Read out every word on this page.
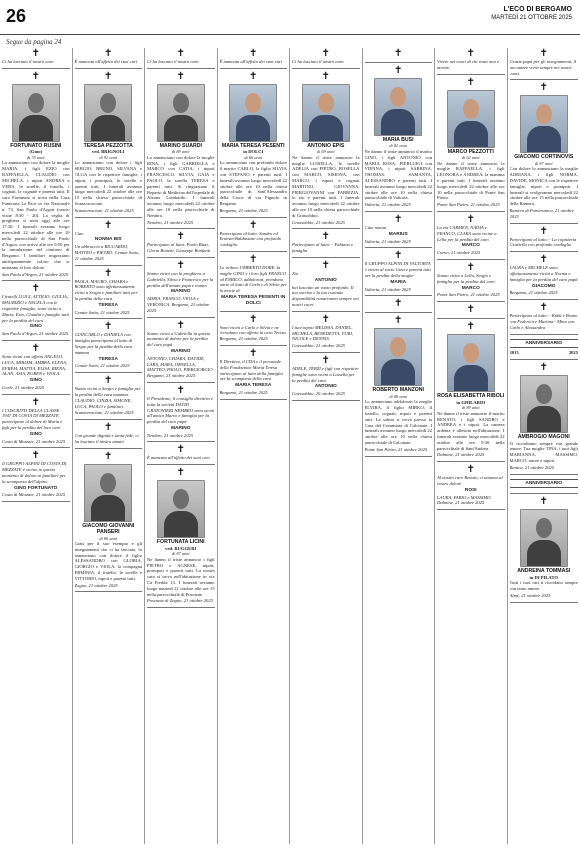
26	L'ECO DI BERGAMO
MARTEDÌ 21 OTTOBRE 2025
Segue da pagina 24
✝
Ci ha lasciato il nostro caro
✝
FORTUNATO RUSINI
(Gino)
di 78 anni
Lo annunciano con dolore la moglie MARIA, i figli EZIO con RAFFAELLA, CLAUDIO con MICHELA, i nipoti ANDREA e VERA, le sorelle, il fratello, i cognati, le cognate e parenti tutti. Il caro Fortunato si trova nella Casa Funeraria La Pace in via Nazionale n. 73, San Paolo d'Argon (orario visite 8:30 - 20). La veglia di preghiera si terrà oggi alle ore 17:30. I funerali avranno luogo mercoledì 22 ottobre alle ore 10 nella parrocchiale di San Paolo d'Argon, con arrivo alle ore 9:50 per la tumulazione nel cimitero di Bergamo. I familiari ringraziano anticipatamente coloro che si uniranno al loro dolore.
San Paolo d'Argon, 21 ottobre 2025
✝
I fratelli LUIGI, ATTILIO, GIULIA, MAURIZIO e ANGELA con le rispettive famiglie, sono vicini a Maria, Ezio, Claudio e famiglie tutti per la perdita del caro
GINO
San Paolo d'Argon, 21 ottobre 2025
✝
Sono vicini con affetto ANGELO, LUCA, MIRIAM, AMBRA, ELENA, EFREM, MATTIA, ELISA, RIENA, ALAN, ASIA, RUBEN e VIOLA.
GINO
Gorle, 21 ottobre 2025
✝
I COSCRITTI DELLA CLASSE 1947 DI COSTA DI MEZZATE partecipano al dolore di Maria e figli per la perdita del loro caro
GINO
Costa di Mezzate, 21 ottobre 2025
✝
Il GRUPPO ALPINI DI COSTA DI MEZZATE è vicino in questo momento di dolore ai familiari per la scomparsa dell'alpino
GINO FORTUNATO
Costa di Mezzate, 21 ottobre 2025
✝
È mancata all'affetto dei suoi cari
✝
TERESA PEZZOTTA
ved. BRIGNOLI
di 92 anni
Lo annunciano con dolore i figli SERGIO, BRUNO, SILVANA e OLGA con le rispettive famiglie, i nipoti, i pronipoti, le sorelle e parenti tutti. I funerali avranno luogo mercoledì 22 ottobre alle ore 15 nella chiesa parrocchiale di Scanzorosciate.
Scanzorosciate, 21 ottobre 2025
✝
Ciao
NONNA BIS
Un abbraccio a RICCARDO, MATTEO e PIETRO. Cenate Sotto, 21 ottobre 2025
✝
PAOLA, MAURO, CHIARA e ROBERTO sono affettuosamente vicini a Sergio e familiari tutti per la perdita della cara
TERESA
Cenate Sotto, 21 ottobre 2025
✝
GIANCARLO e DANIELA con famiglia partecipano al lutto di Sergio per la perdita della cara mamma
TERESA
Cenate Sotto, 21 ottobre 2025
✝
Siamo vicini a Sergio e famiglia per la perdita della cara mamma. CLAUDIO, CINZIA, SIMONE, LUCA, PAOLO e familiari.
Scanzorosciate, 21 ottobre 2025
✝
Con grande dignità e tanta fede, ci ha lasciato il nostro amato
✝
GIACOMO GIOVANNI PANSERI
di 86 anni
Grati per il suo esempio e gli insegnamenti che ci ha lasciato, lo annunciano con dolore il figlio ALESSANDRO con GLORIA, GIORGIO e VIOLA, la compagna ERMINIA, il fratello, le sorelle e VITTORIO, nipoti e parenti tutti.
Zogno, 21 ottobre 2025
✝
Ci ha lasciato il nostro caro
✝
MARINO SUARDI
di 89 anni
Lo annunciano con dolore la moglie RINA, i figli GABRIELLA e MARCO con CATIA, i nipoti FRANCESCO, SILVIA, GAIA e PAOLO, la sorella TERESA e parenti tutti. Si ringraziano il Reparto di Medicina dell'ospedale di Alzano Lombardo. I funerali avranno luogo mercoledì 22 ottobre alle ore 10 nella parrocchiale di Nembro.
Nembro, 21 ottobre 2025
✝
Partecipano al lutto: Paolo Bizzi, Gloria Bonetti, Giuseppe Bonfanti
✝
Siamo vicini con la preghiera a Gabriella, Silvia e Francesco per la perdita dell'amato papà e nonno
MARINO
ADRIA, FRANCO, VIOLA e VERONICA. Bergamo, 21 ottobre 2025
✝
Siamo vicini a Gabriella in questo momento di dolore per la perdita del caro papà
MARINO
ANTONIO, CHIARA, DAVIDE, LARA, MARA, ORNELLA, MATTEO, PAOLO, PIERGIORGIO. Bergamo, 21 ottobre 2025
✝
Il Presidente, il consiglio direttivo e tutta la società DAVID GRATONIERI NEMBRO sono vicini all'amico Marco e famiglia per la perdita del caro papà
MARINO
Nembro, 21 ottobre 2025
✝
È mancata all'affetto dei suoi cari
✝
FORTUNATA LICINI
ved. RUGGERI
di 87 anni
Ne danno il triste annuncio i figli PIETRO e AGNESE, nipoti, pronipoti e parenti tutti. La nostra cara si trova nell'abitazione in via Cà Fredda 13. I funerali avranno luogo martedì 21 ottobre alle ore 15 nella parrocchiale di Poscante.
Poscante di Zogno, 21 ottobre 2025
✝
È mancata all'affetto dei suoi cari
✝
MARIA TERESA PESENTI
in DOLCI
di 66 anni
Lo annunciano con profondo dolore il marito CARLO, la figlia SILVIA con STEFANO e parenti tutti. I funerali avranno luogo mercoledì 22 ottobre alle ore 10 nella chiesa parrocchiale di Sant'Alessandro della Croce di via Pignolo in Bergamo.
Bergamo, 21 ottobre 2025
✝
Partecipano al lutto: Sandro ed Ernesto Baldassare con profondo cordoglio.
✝
Lo vedovo UMBERTO DORE, la moglie GINO e i loro figli FRANCO ed ENRICO, addolorati, prendono parte al lutto di Carlo e di Silvia per la morte di
MARIA TERESA PESENTI IN DOLCI
✝
Sono vicini a Carlo e Silvia e ne ricordano con affetto la cara Teresa. Bergamo, 21 ottobre 2025.
✝
Il Direttivo, il CDA e il personale della Fondazione Maria Teresa partecipano al lutto della famiglia per la scomparsa della cara
MARIA TERESA
Bergamo, 21 ottobre 2025
✝
Ci ha lasciato il nostro caro
✝
ANTONIO EPIS
di 69 anni
Ne danno il triste annuncio la moglie LUISELLA, le sorelle ADELIA con PIETRO, ROSELLA con MARCO, SIMONA, con MARCO, i nipoti e cognati MARTINO, GIOVANNA, PIERGIOVANNI con FABRIZIA, lo zio e parenti tutti. I funerali avranno luogo mercoledì 22 ottobre alle ore 10 nella chiesa parrocchiale di Grassobbio.
Grassobbio, 21 ottobre 2025
✝
Partecipano al lutto: - Fabiano e famiglia
✝
Zio
ANTONIO
hai lasciato un vuoto profondo. Il tuo sorriso e la tua costante disponibilità rimarranno sempre nei nostri cuori.
✝
I tuoi nipoti MELISSA, DANIEL, MICHELA, BENEDETTA, YURI, NICOLE e DENNIS.
Grassobbio, 21 ottobre 2025
✝
ADELE, TERZI e figli con rispettive famiglie sono vicini a Luisella per la perdita del caro
ANTONIO
Grassobbio, 20 ottobre 2025
✝
✝
MARIA BUSI
di 82 anni
Ne danno il triste annuncio il marito GINO, i figli ANTONIO con MARIA ROSA, PIERLUIGI con VIENNA, i nipoti SABRINA, THOMAS, SAMANTA, ALESSANDRO e parenti tutti. I funerali avranno luogo mercoledì 22 ottobre alle ore 10 nella chiesa parrocchiale di Valtorta.
Valtorta, 21 ottobre 2025
✝
Ciao nonna
MARIUS
Valtorta, 21 ottobre 2025
✝
Il GRUPPO ALPINI DI VALTORTA è vicino al socio Gino e parenti tutti per la perdita della moglie
MARIA
Valtorta, 21 ottobre 2025
✝
✝
ROBERTO MANZONI
di 88 anni
Lo annunciano addolorati la moglie ELVIRA, il figlio MIRKO, il fratello, cognati, nipoti e parenti tutti. La salma si trova presso la Casa del Commiato di Calcinate. I funerali avranno luogo mercoledì 22 ottobre alle ore 10 nella chiesa parrocchiale di Calcinate.
Ponte San Pietro, 21 ottobre 2025
✝
Vivere nei cuori di chi resta non è morire.
✝
MARCO PEZZOTTI
di 62 anni
Ne danno il triste annuncio la moglie RAFFAELLA, i figli LEONORA e ANDREA, la mamma e parenti tutti. I funerali avranno luogo mercoledì 22 ottobre alle ore 10 nella parrocchiale di Ponte San Pietro.
Ponte San Pietro, 21 ottobre 2025
✝
La zia CARMEN, NADIA e FRANCO, CLARA sono vicine a Lella per la perdita del caro
MARCO
Curno, 21 ottobre 2025
✝
Siamo vicini a Lella, Sergio e famiglia per la perdita del caro
MARCO
Ponte San Pietro, 21 ottobre 2025
✝
✝
ROSA ELISABETTA RIBOLI
in GHILARDI
di 89 anni
Ne danno il triste annuncio il marito RENATO, i figli SANDRO e ANDREA e i nipoti. La camera ardente è allestita nell'abitazione. I funerali avranno luogo mercoledì 22 ottobre alle ore 9:30 nella parrocchiale di Sant'Andrea.
Dalmine, 21 ottobre 2025
✝
Al nostro caro Renato, ci uniamo al vostro dolore
ROSI
LAURA, FABIO e MASSIMO. Dalmine, 21 ottobre 2025
✝
Grazie papà per gli insegnamenti, il tuo amore vivrà sempre nei nostri cuori.
✝
GIACOMO CORTINOVIS
di 87 anni
Con dolore lo annunciano la moglie ADRIANA, i figli NORMA, DAVIDE, MONICA con le rispettive famiglie, nipoti e pronipoti. I funerali si svolgeranno mercoledì 22 ottobre alle ore 15 nella parrocchiale della Ramera.
Ramera di Ponteranica, 21 ottobre 2025
✝
Partecipano al lutto: - La copisteria Graziella con profondo cordoglio
✝
LAURA e MICHELE sono affettuosamente vicini a Norma e famiglia per la perdita del caro papà
GIACOMO
Bergamo, 21 ottobre 2025
✝
Partecipano al lutto: - Kikki e Bruno con Federica e Martina - Mina con Carlo e Alessandra
ANNIVERSARIO
2013	2025
✝
AMBROGIO MAGONI
Ti ricordiamo sempre con grande amore. Tua moglie TINA, i tuoi figli MARIANNA, MASSIMO, MARCO, nuore e nipoti.
Ranica, 21 ottobre 2025
ANNIVERSARIO
✝
ANDREINA TOMMASI
in DI PILATO
Tutti i tuoi cari ti ricordano sempre con tanto amore.
Almè, 21 ottobre 2025
